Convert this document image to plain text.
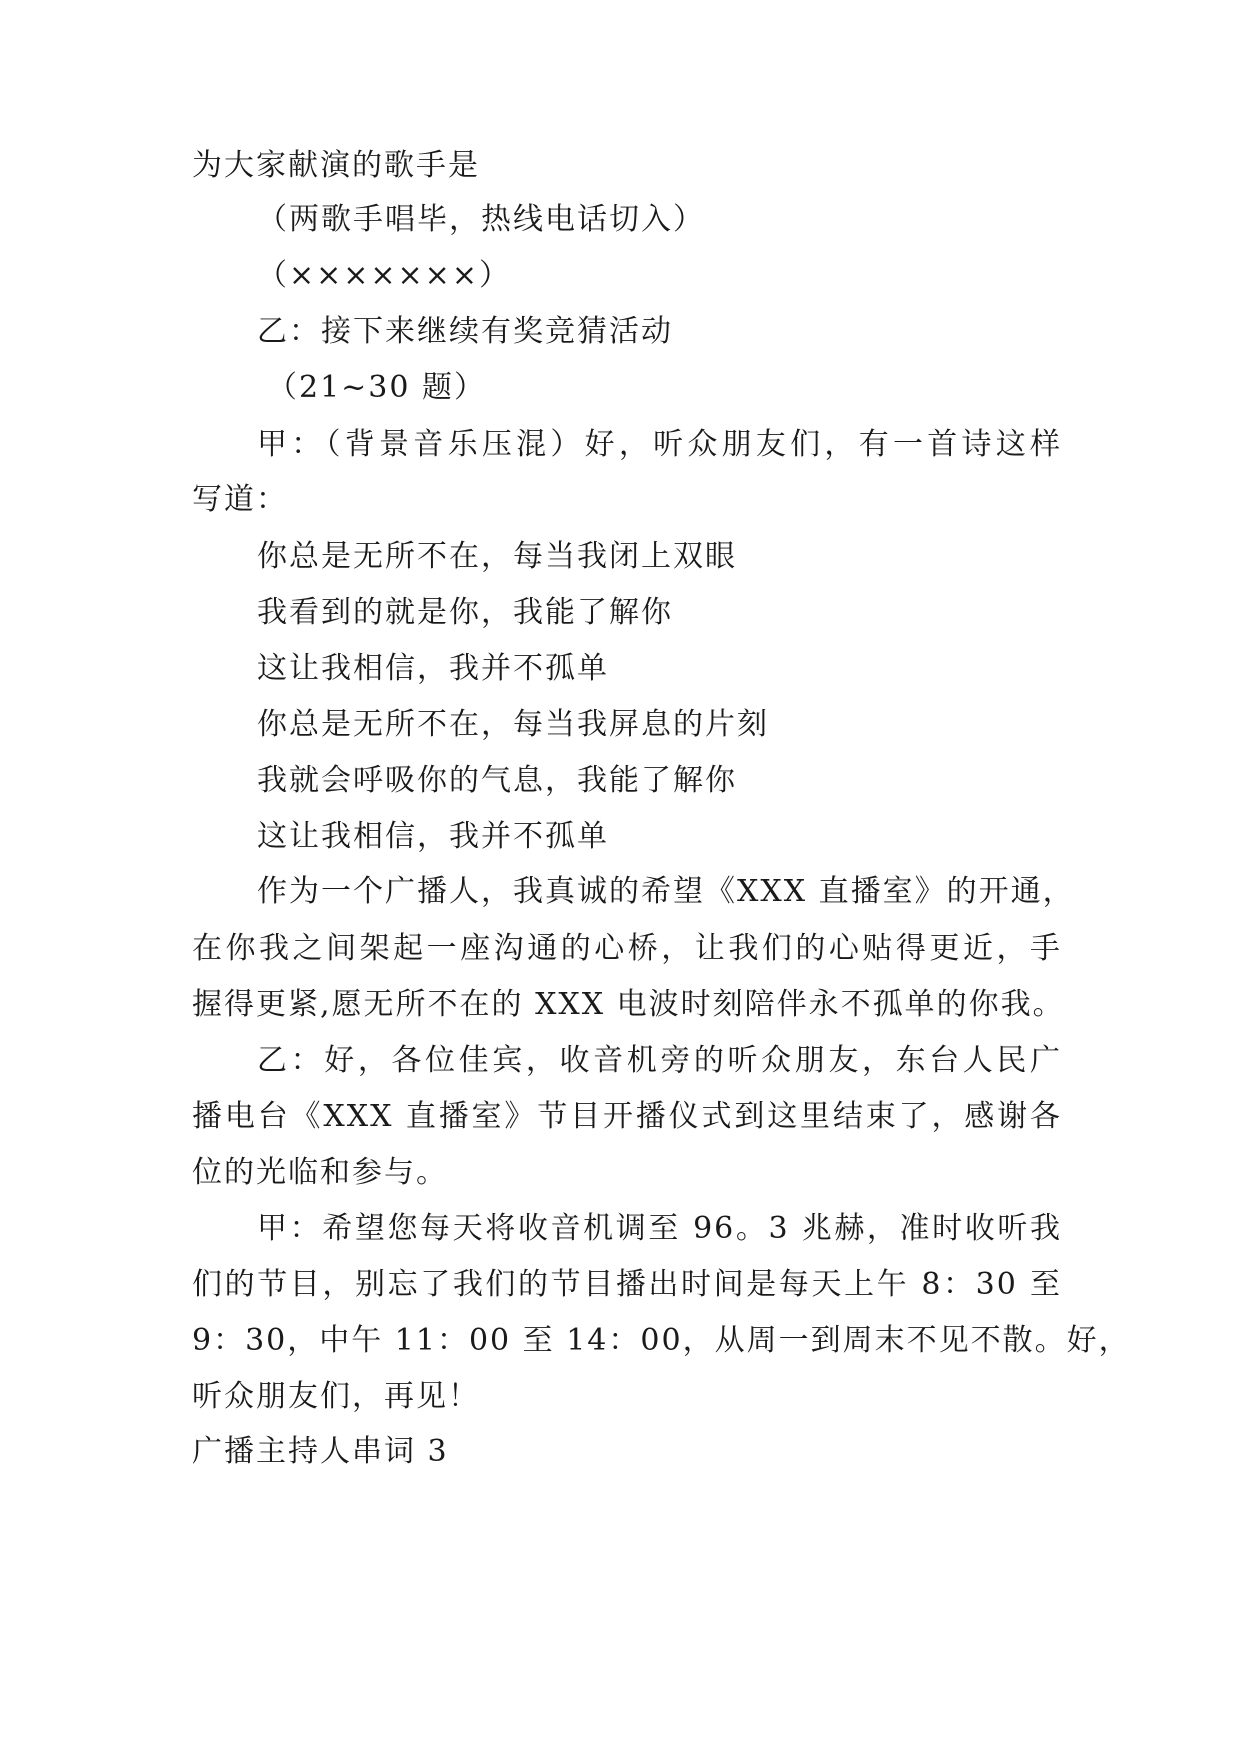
为大家献演的歌手是
（两歌手唱毕，热线电话切入）
（×××××××）
乙：接下来继续有奖竞猜活动
（21~30 题）
甲：（背景音乐压混）好，听众朋友们，有一首诗这样
写道：
你总是无所不在，每当我闭上双眼
我看到的就是你，我能了解你
这让我相信，我并不孤单
你总是无所不在，每当我屏息的片刻
我就会呼吸你的气息，我能了解你
这让我相信，我并不孤单
作为一个广播人，我真诚的希望《XXX 直播室》的开通，
在你我之间架起一座沟通的心桥，让我们的心贴得更近，手
握得更紧,愿无所不在的 XXX 电波时刻陪伴永不孤单的你我。
乙：好，各位佳宾，收音机旁的听众朋友，东台人民广
播电台《XXX 直播室》节目开播仪式到这里结束了，感谢各
位的光临和参与。
甲：希望您每天将收音机调至 96。3 兆赫，准时收听我
们的节目，别忘了我们的节目播出时间是每天上午 8：30 至
9：30，中午 11：00 至 14：00，从周一到周末不见不散。好，
听众朋友们，再见！
广播主持人串词 3
